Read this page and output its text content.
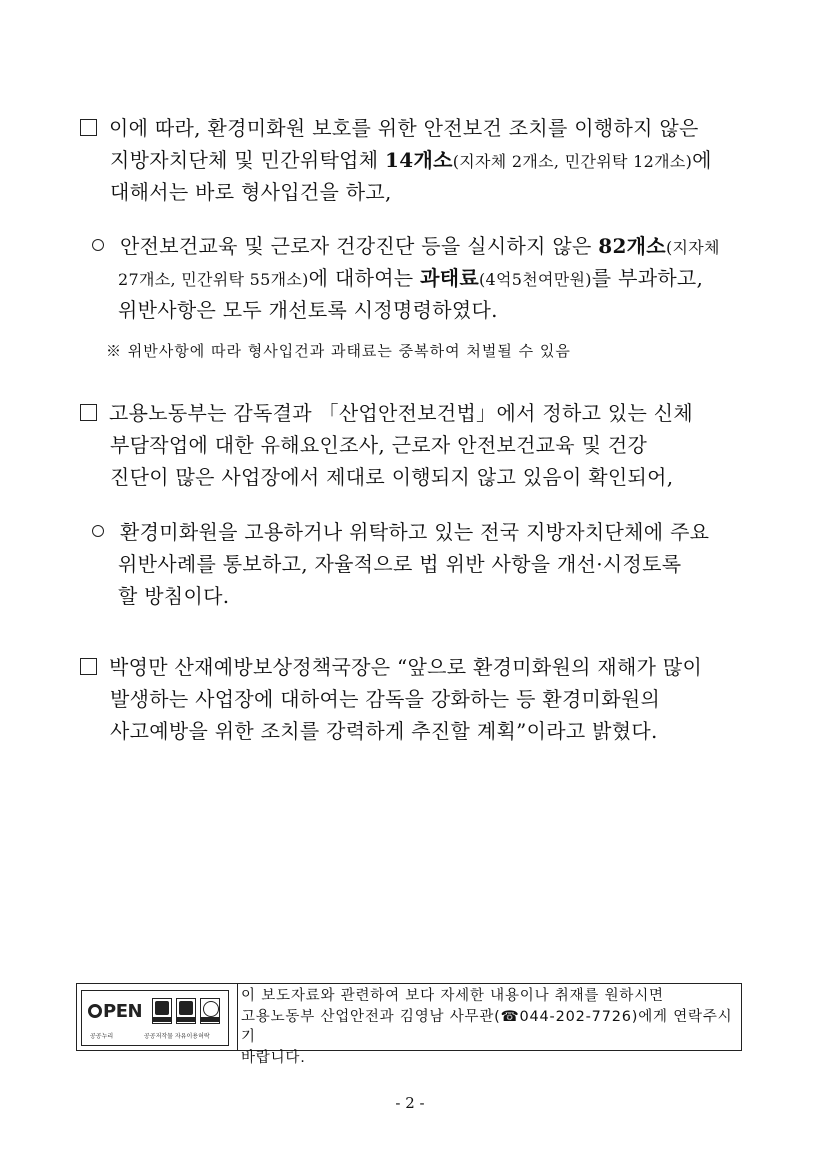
이에 따라, 환경미화원 보호를 위한 안전보건 조치를 이행하지 않은
지방자치단체 및 민간위탁업체 14개소(지자체 2개소, 민간위탁 12개소)에
대해서는 바로 형사입건을 하고,
안전보건교육 및 근로자 건강진단 등을 실시하지 않은 82개소(지자체
27개소, 민간위탁 55개소)에 대하여는 과태료(4억5천여만원)를 부과하고,
위반사항은 모두 개선토록 시정명령하였다.
※ 위반사항에 따라 형사입건과 과태료는 중복하여 처벌될 수 있음
고용노동부는 감독결과 「산업안전보건법」에서 정하고 있는 신체
부담작업에 대한 유해요인조사, 근로자 안전보건교육 및 건강
진단이 많은 사업장에서 제대로 이행되지 않고 있음이 확인되어,
환경미화원을 고용하거나 위탁하고 있는 전국 지방자치단체에 주요
위반사례를 통보하고, 자율적으로 법 위반 사항을 개선·시정토록
할 방침이다.
박영만 산재예방보상정책국장은 “앞으로 환경미화원의 재해가 많이
발생하는 사업장에 대하여는 감독을 강화하는 등 환경미화원의
사고예방을 위한 조치를 강력하게 추진할 계획”이라고 밝혔다.
PEN
공공누리	공공저작물 자유이용허락
이 보도자료와 관련하여 보다 자세한 내용이나 취재를 원하시면
고용노동부 산업안전과 김영남 사무관(☎044-202-7726)에게 연락주시기
바랍니다.
- 2 -
